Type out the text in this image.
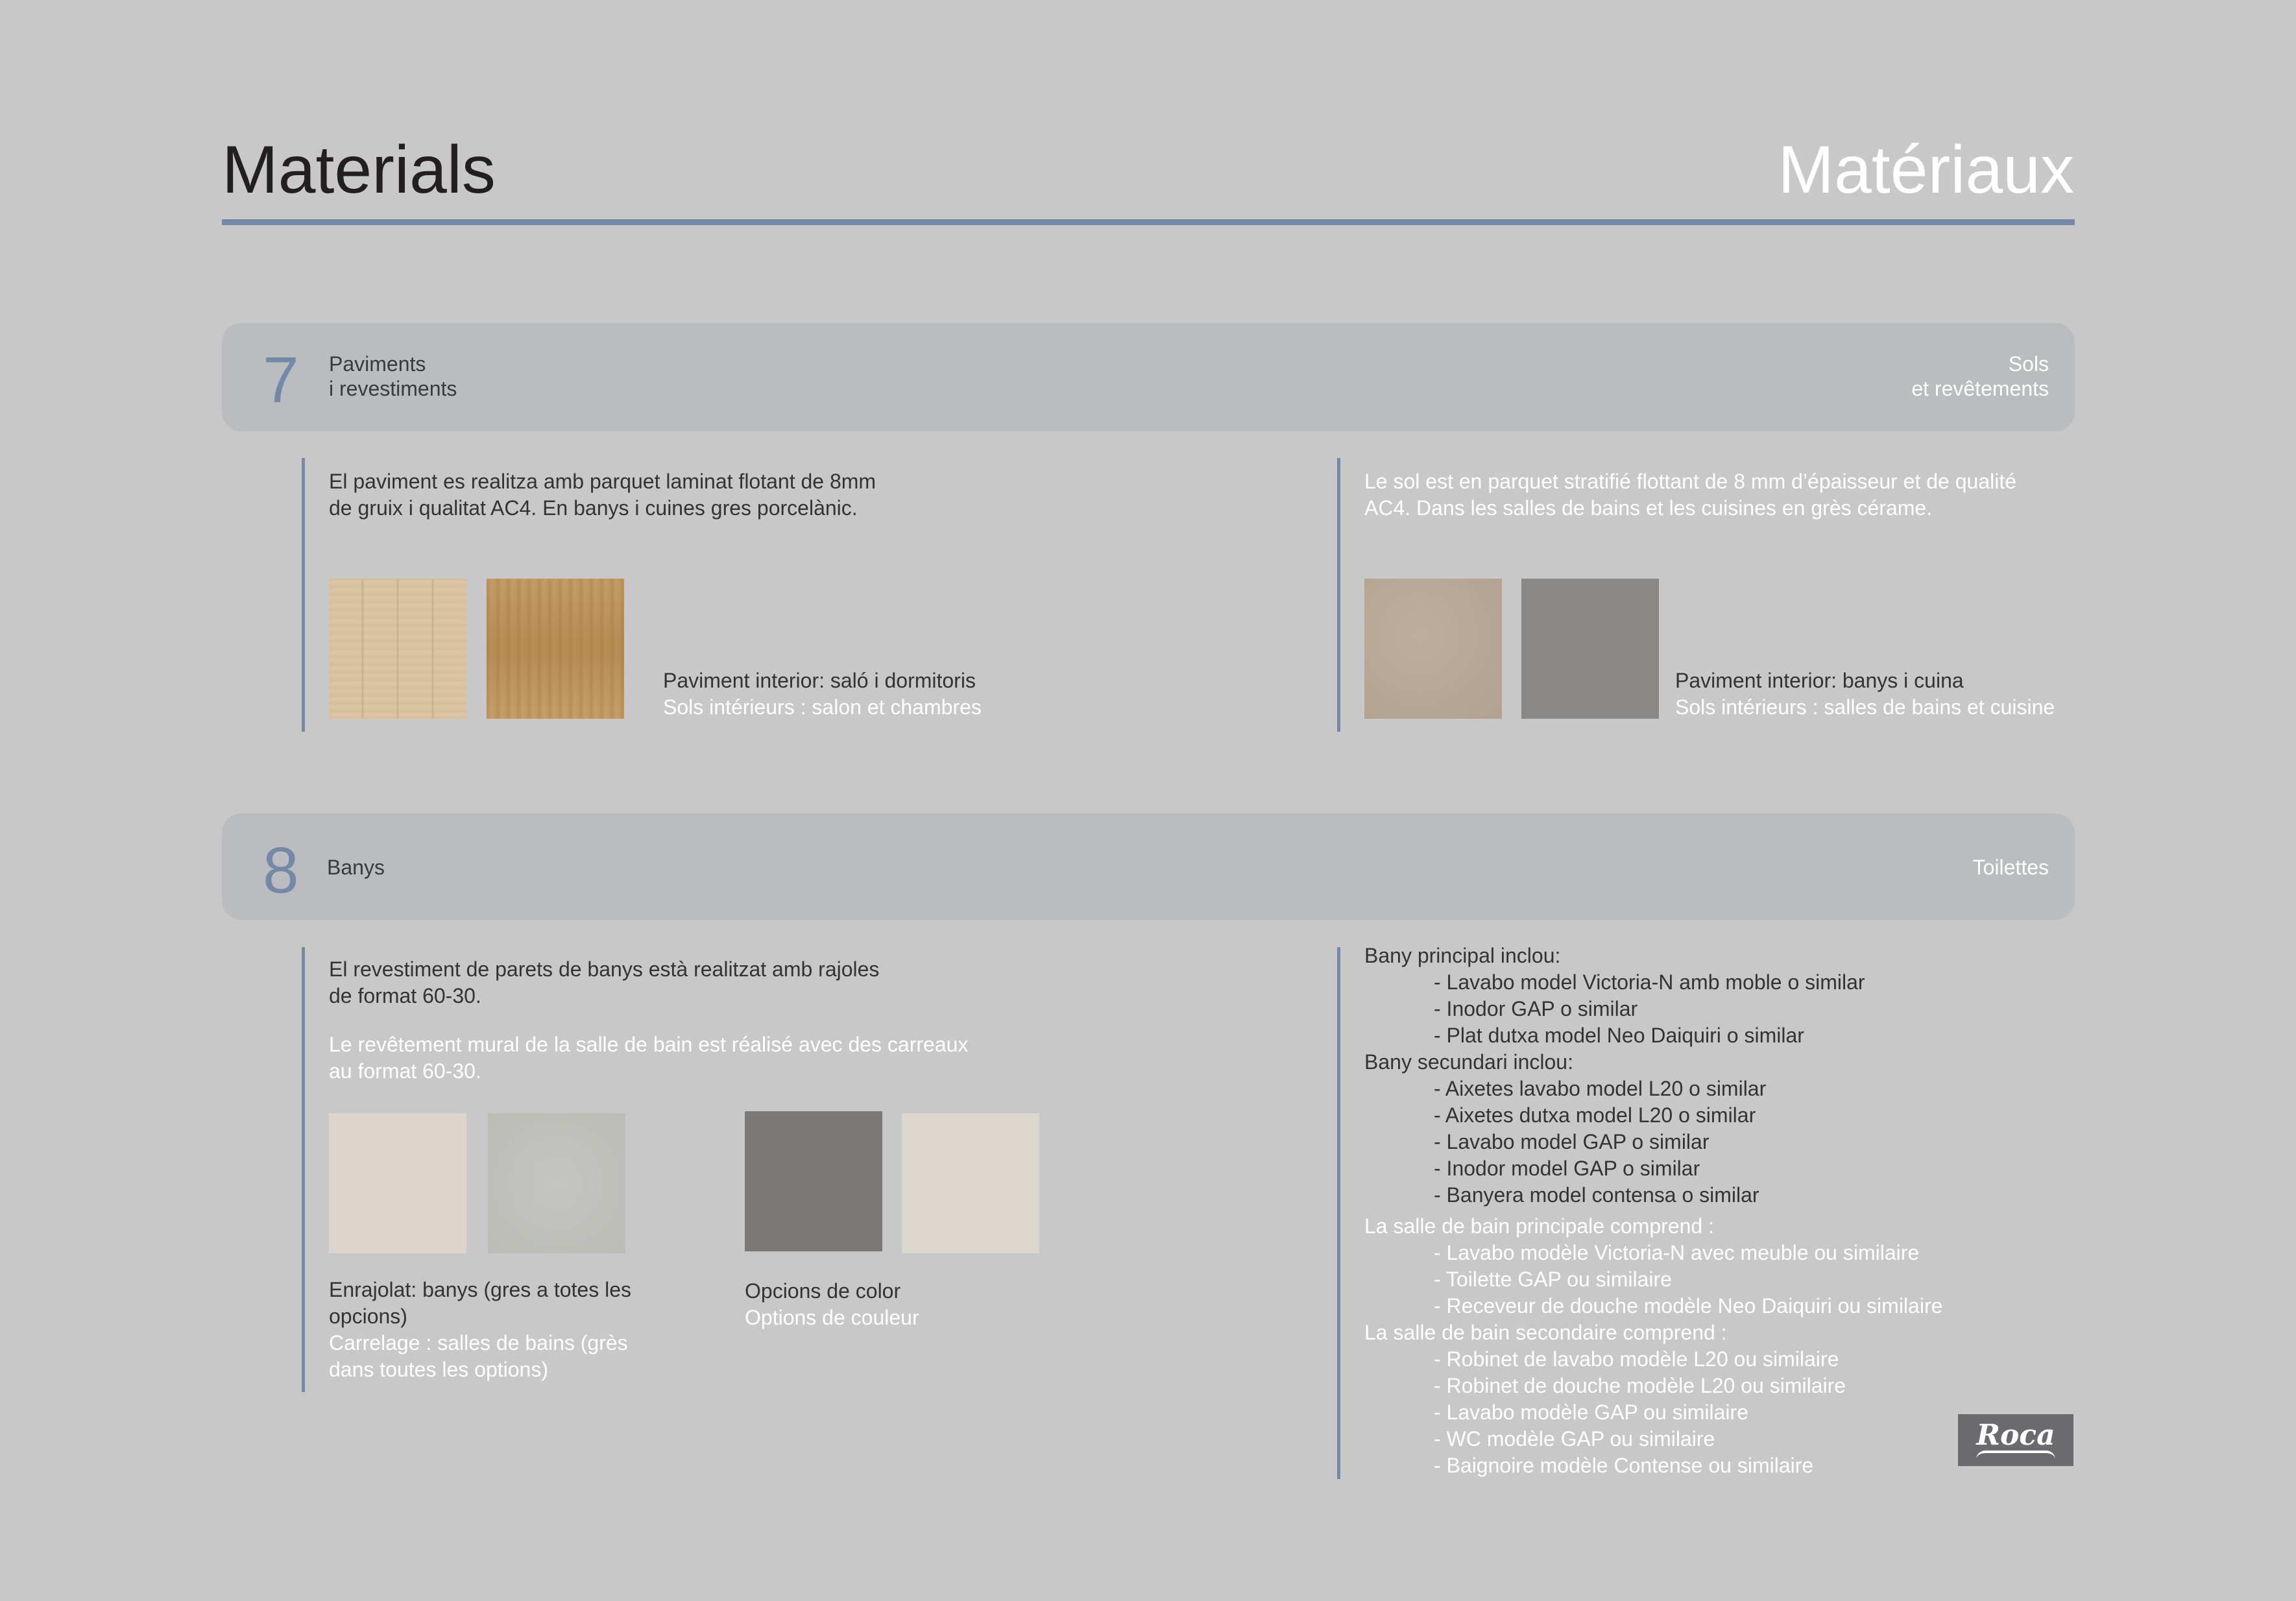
Materials	Matériaux
7 Paviments
i revestiments
Sols
et revêtements
El paviment es realitza amb parquet laminat flotant de 8mm
de gruix i qualitat AC4. En banys i cuines gres porcelànic.
Paviment interior: saló i dormitoris
Sols intérieurs : salon et chambres
Le sol est en parquet stratifié flottant de 8 mm d’épaisseur et de qualité
AC4. Dans les salles de bains et les cuisines en grès cérame.
Paviment interior: banys i cuina
Sols intérieurs : salles de bains et cuisine
8 Banys	Toilettes
El revestiment de parets de banys està realitzat amb rajoles
de format 60-30.
Le revêtement mural de la salle de bain est réalisé avec des carreaux
au format 60-30.
Enrajolat: banys (gres a totes les
opcions)
Carrelage : salles de bains (grès
dans toutes les options)
Opcions de color
Options de couleur
Bany principal inclou:
- Lavabo model Victoria-N amb moble o similar
- Inodor GAP o similar
- Plat dutxa model Neo Daiquiri o similar
Bany secundari inclou:
- Aixetes lavabo model L20 o similar
- Aixetes dutxa model L20 o similar
- Lavabo model GAP o similar
- Inodor model GAP o similar
- Banyera model contensa o similar
La salle de bain principale comprend :
- Lavabo modèle Victoria-N avec meuble ou similaire
- Toilette GAP ou similaire
- Receveur de douche modèle Neo Daiquiri ou similaire
La salle de bain secondaire comprend :
- Robinet de lavabo modèle L20 ou similaire
- Robinet de douche modèle L20 ou similaire
- Lavabo modèle GAP ou similaire
- WC modèle GAP ou similaire
- Baignoire modèle Contense ou similaire
Roca
